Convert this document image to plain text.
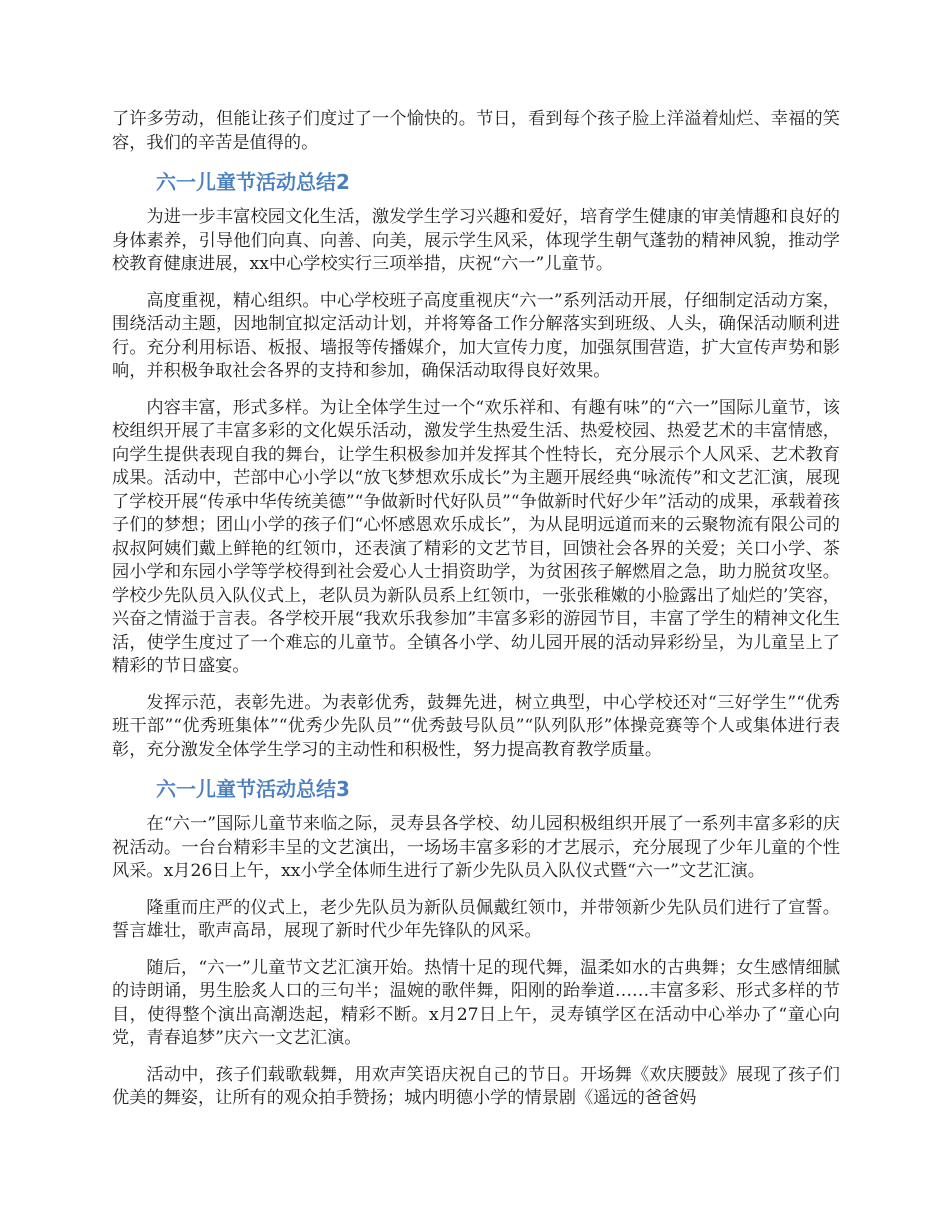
了许多劳动，但能让孩子们度过了一个愉快的。节日，看到每个孩子脸上洋溢着灿烂、幸福的笑容，我们的辛苦是值得的。

六一儿童节活动总结2

为进一步丰富校园文化生活，激发学生学习兴趣和爱好，培育学生健康的审美情趣和良好的身体素养，引导他们向真、向善、向美，展示学生风采，体现学生朝气蓬勃的精神风貌，推动学校教育健康进展，xx中心学校实行三项举措，庆祝“六一”儿童节。

高度重视，精心组织。中心学校班子高度重视庆“六一”系列活动开展，仔细制定活动方案，围绕活动主题，因地制宜拟定活动计划，并将筹备工作分解落实到班级、人头，确保活动顺利进行。充分利用标语、板报、墙报等传播媒介，加大宣传力度，加强氛围营造，扩大宣传声势和影响，并积极争取社会各界的支持和参加，确保活动取得良好效果。

内容丰富，形式多样。为让全体学生过一个“欢乐祥和、有趣有味”的“六一”国际儿童节，该校组织开展了丰富多彩的文化娱乐活动，激发学生热爱生活、热爱校园、热爱艺术的丰富情感，向学生提供表现自我的舞台，让学生积极参加并发挥其个性特长，充分展示个人风采、艺术教育成果。活动中，芒部中心小学以“放飞梦想欢乐成长”为主题开展经典“咏流传”和文艺汇演，展现了学校开展“传承中华传统美德”“争做新时代好队员”“争做新时代好少年”活动的成果，承载着孩子们的梦想；团山小学的孩子们“心怀感恩欢乐成长”，为从昆明远道而来的云聚物流有限公司的叔叔阿姨们戴上鲜艳的红领巾，还表演了精彩的文艺节目，回馈社会各界的关爱；关口小学、茶园小学和东园小学等学校得到社会爱心人士捐资助学，为贫困孩子解燃眉之急，助力脱贫攻坚。学校少先队员入队仪式上，老队员为新队员系上红领巾，一张张稚嫩的小脸露出了灿烂的’笑容，兴奋之情溢于言表。各学校开展“我欢乐我参加”丰富多彩的游园节目，丰富了学生的精神文化生活，使学生度过了一个难忘的儿童节。全镇各小学、幼儿园开展的活动异彩纷呈，为儿童呈上了精彩的节日盛宴。

发挥示范，表彰先进。为表彰优秀，鼓舞先进，树立典型，中心学校还对“三好学生”“优秀班干部”“优秀班集体”“优秀少先队员”“优秀鼓号队员”“队列队形”体操竞赛等个人或集体进行表彰，充分激发全体学生学习的主动性和积极性，努力提高教育教学质量。

六一儿童节活动总结3

在“六一”国际儿童节来临之际，灵寿县各学校、幼儿园积极组织开展了一系列丰富多彩的庆祝活动。一台台精彩丰呈的文艺演出，一场场丰富多彩的才艺展示，充分展现了少年儿童的个性风采。x月26日上午，xx小学全体师生进行了新少先队员入队仪式暨“六一”文艺汇演。

隆重而庄严的仪式上，老少先队员为新队员佩戴红领巾，并带领新少先队员们进行了宣誓。誓言雄壮，歌声高昂，展现了新时代少年先锋队的风采。

随后，“六一”儿童节文艺汇演开始。热情十足的现代舞，温柔如水的古典舞；女生感情细腻的诗朗诵，男生脍炙人口的三句半；温婉的歌伴舞，阳刚的跆拳道……丰富多彩、形式多样的节目，使得整个演出高潮迭起，精彩不断。x月27日上午，灵寿镇学区在活动中心举办了“童心向党，青春追梦”庆六一文艺汇演。

活动中，孩子们载歌载舞，用欢声笑语庆祝自己的节日。开场舞《欢庆腰鼓》展现了孩子们优美的舞姿，让所有的观众拍手赞扬；城内明德小学的情景剧《遥远的爸爸妈
